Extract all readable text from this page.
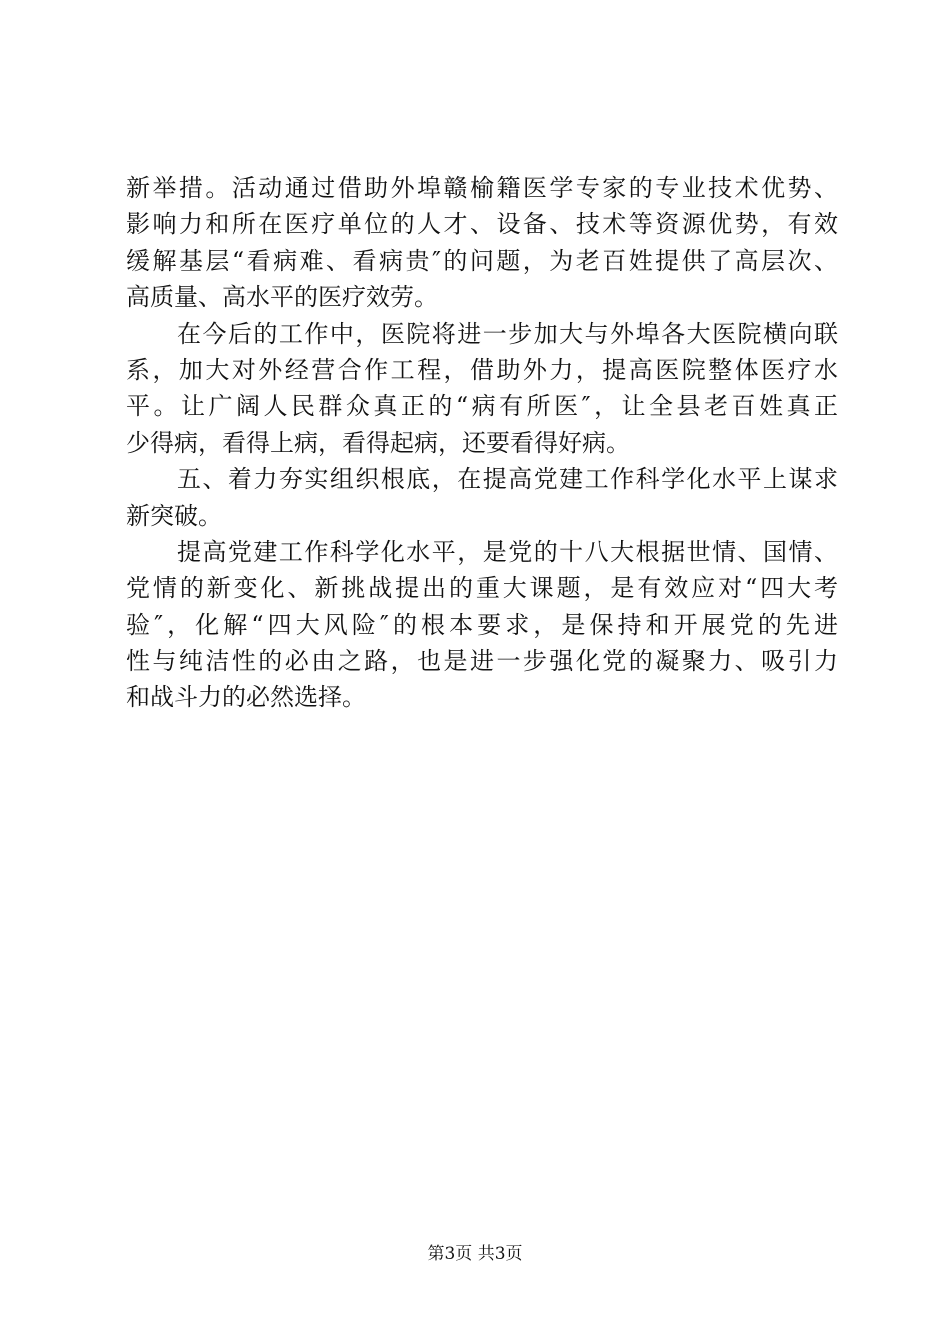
新举措。活动通过借助外埠赣榆籍医学专家的专业技术优势、
影响力和所在医疗单位的人才、设备、技术等资源优势，有效
缓解基层“看病难、看病贵″的问题，为老百姓提供了高层次、
高质量、高水平的医疗效劳。
　　在今后的工作中，医院将进一步加大与外埠各大医院横向联
系，加大对外经营合作工程，借助外力，提高医院整体医疗水
平。让广阔人民群众真正的“病有所医″，让全县老百姓真正
少得病，看得上病，看得起病，还要看得好病。
　　五、着力夯实组织根底，在提高党建工作科学化水平上谋求
新突破。
　　提高党建工作科学化水平，是党的十八大根据世情、国情、
党情的新变化、新挑战提出的重大课题，是有效应对“四大考
验″，化解“四大风险″的根本要求，是保持和开展党的先进
性与纯洁性的必由之路，也是进一步强化党的凝聚力、吸引力
和战斗力的必然选择。
第3页 共3页
